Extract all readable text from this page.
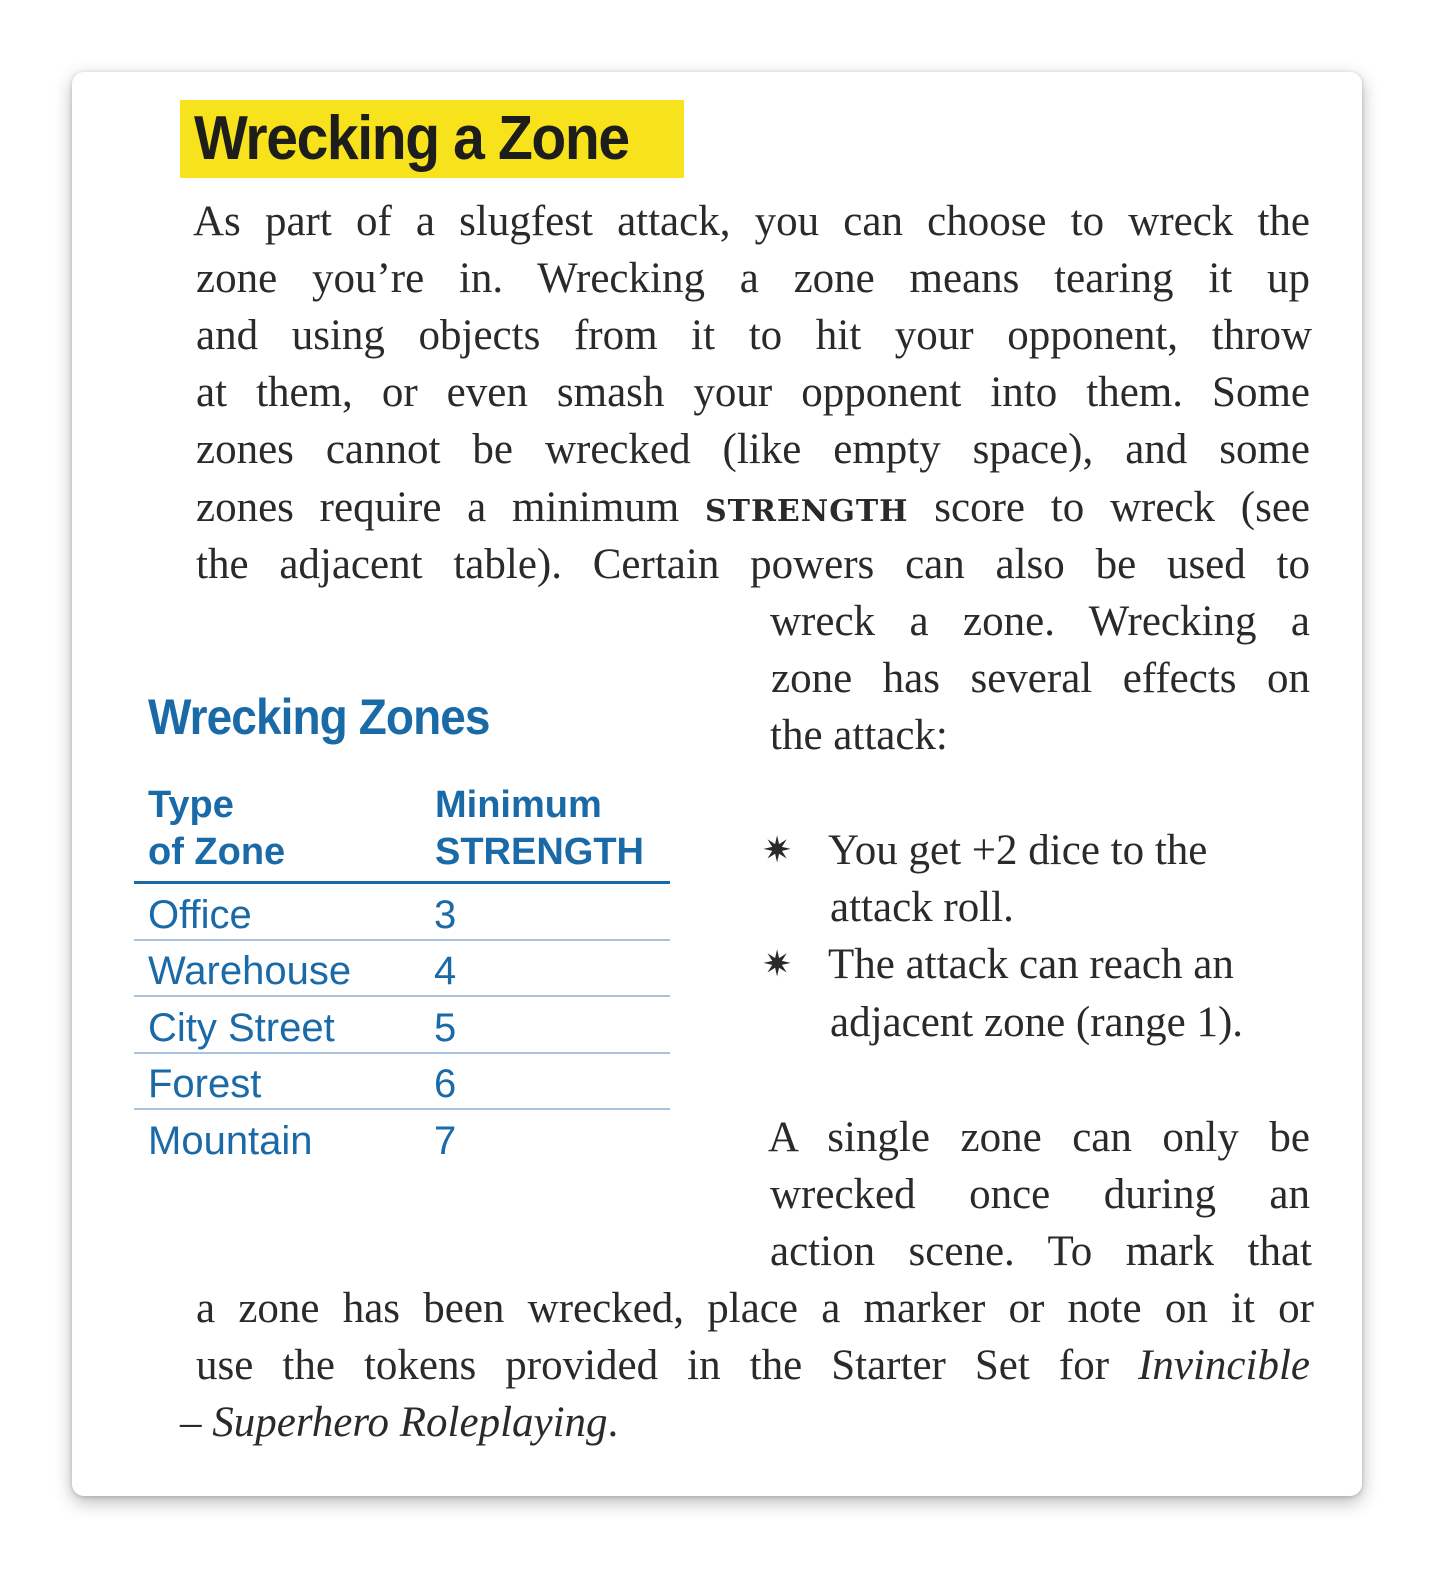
Wrecking a Zone
As part of a slugfest attack, you can choose to wreck the
zone you’re in. Wrecking a zone means tearing it up
and using objects from it to hit your opponent, throw
at them, or even smash your opponent into them. Some
zones cannot be wrecked (like empty space), and some
zones require a minimum STRENGTH score to wreck (see
the adjacent table). Certain powers can also be used to
wreck a zone. Wrecking a
zone has several effects on
the attack:
✷ You get +2 dice to the
attack roll.
✷ The attack can reach an
adjacent zone (range 1).
A single zone can only be
wrecked once during an
action scene. To mark that
a zone has been wrecked, place a marker or note on it or
use the tokens provided in the Starter Set for Invincible
– Superhero Roleplaying.
Wrecking Zones
Type
of Zone
Minimum
STRENGTH
Office	3
Warehouse 4
City Street 5
Forest	6
Mountain	7
